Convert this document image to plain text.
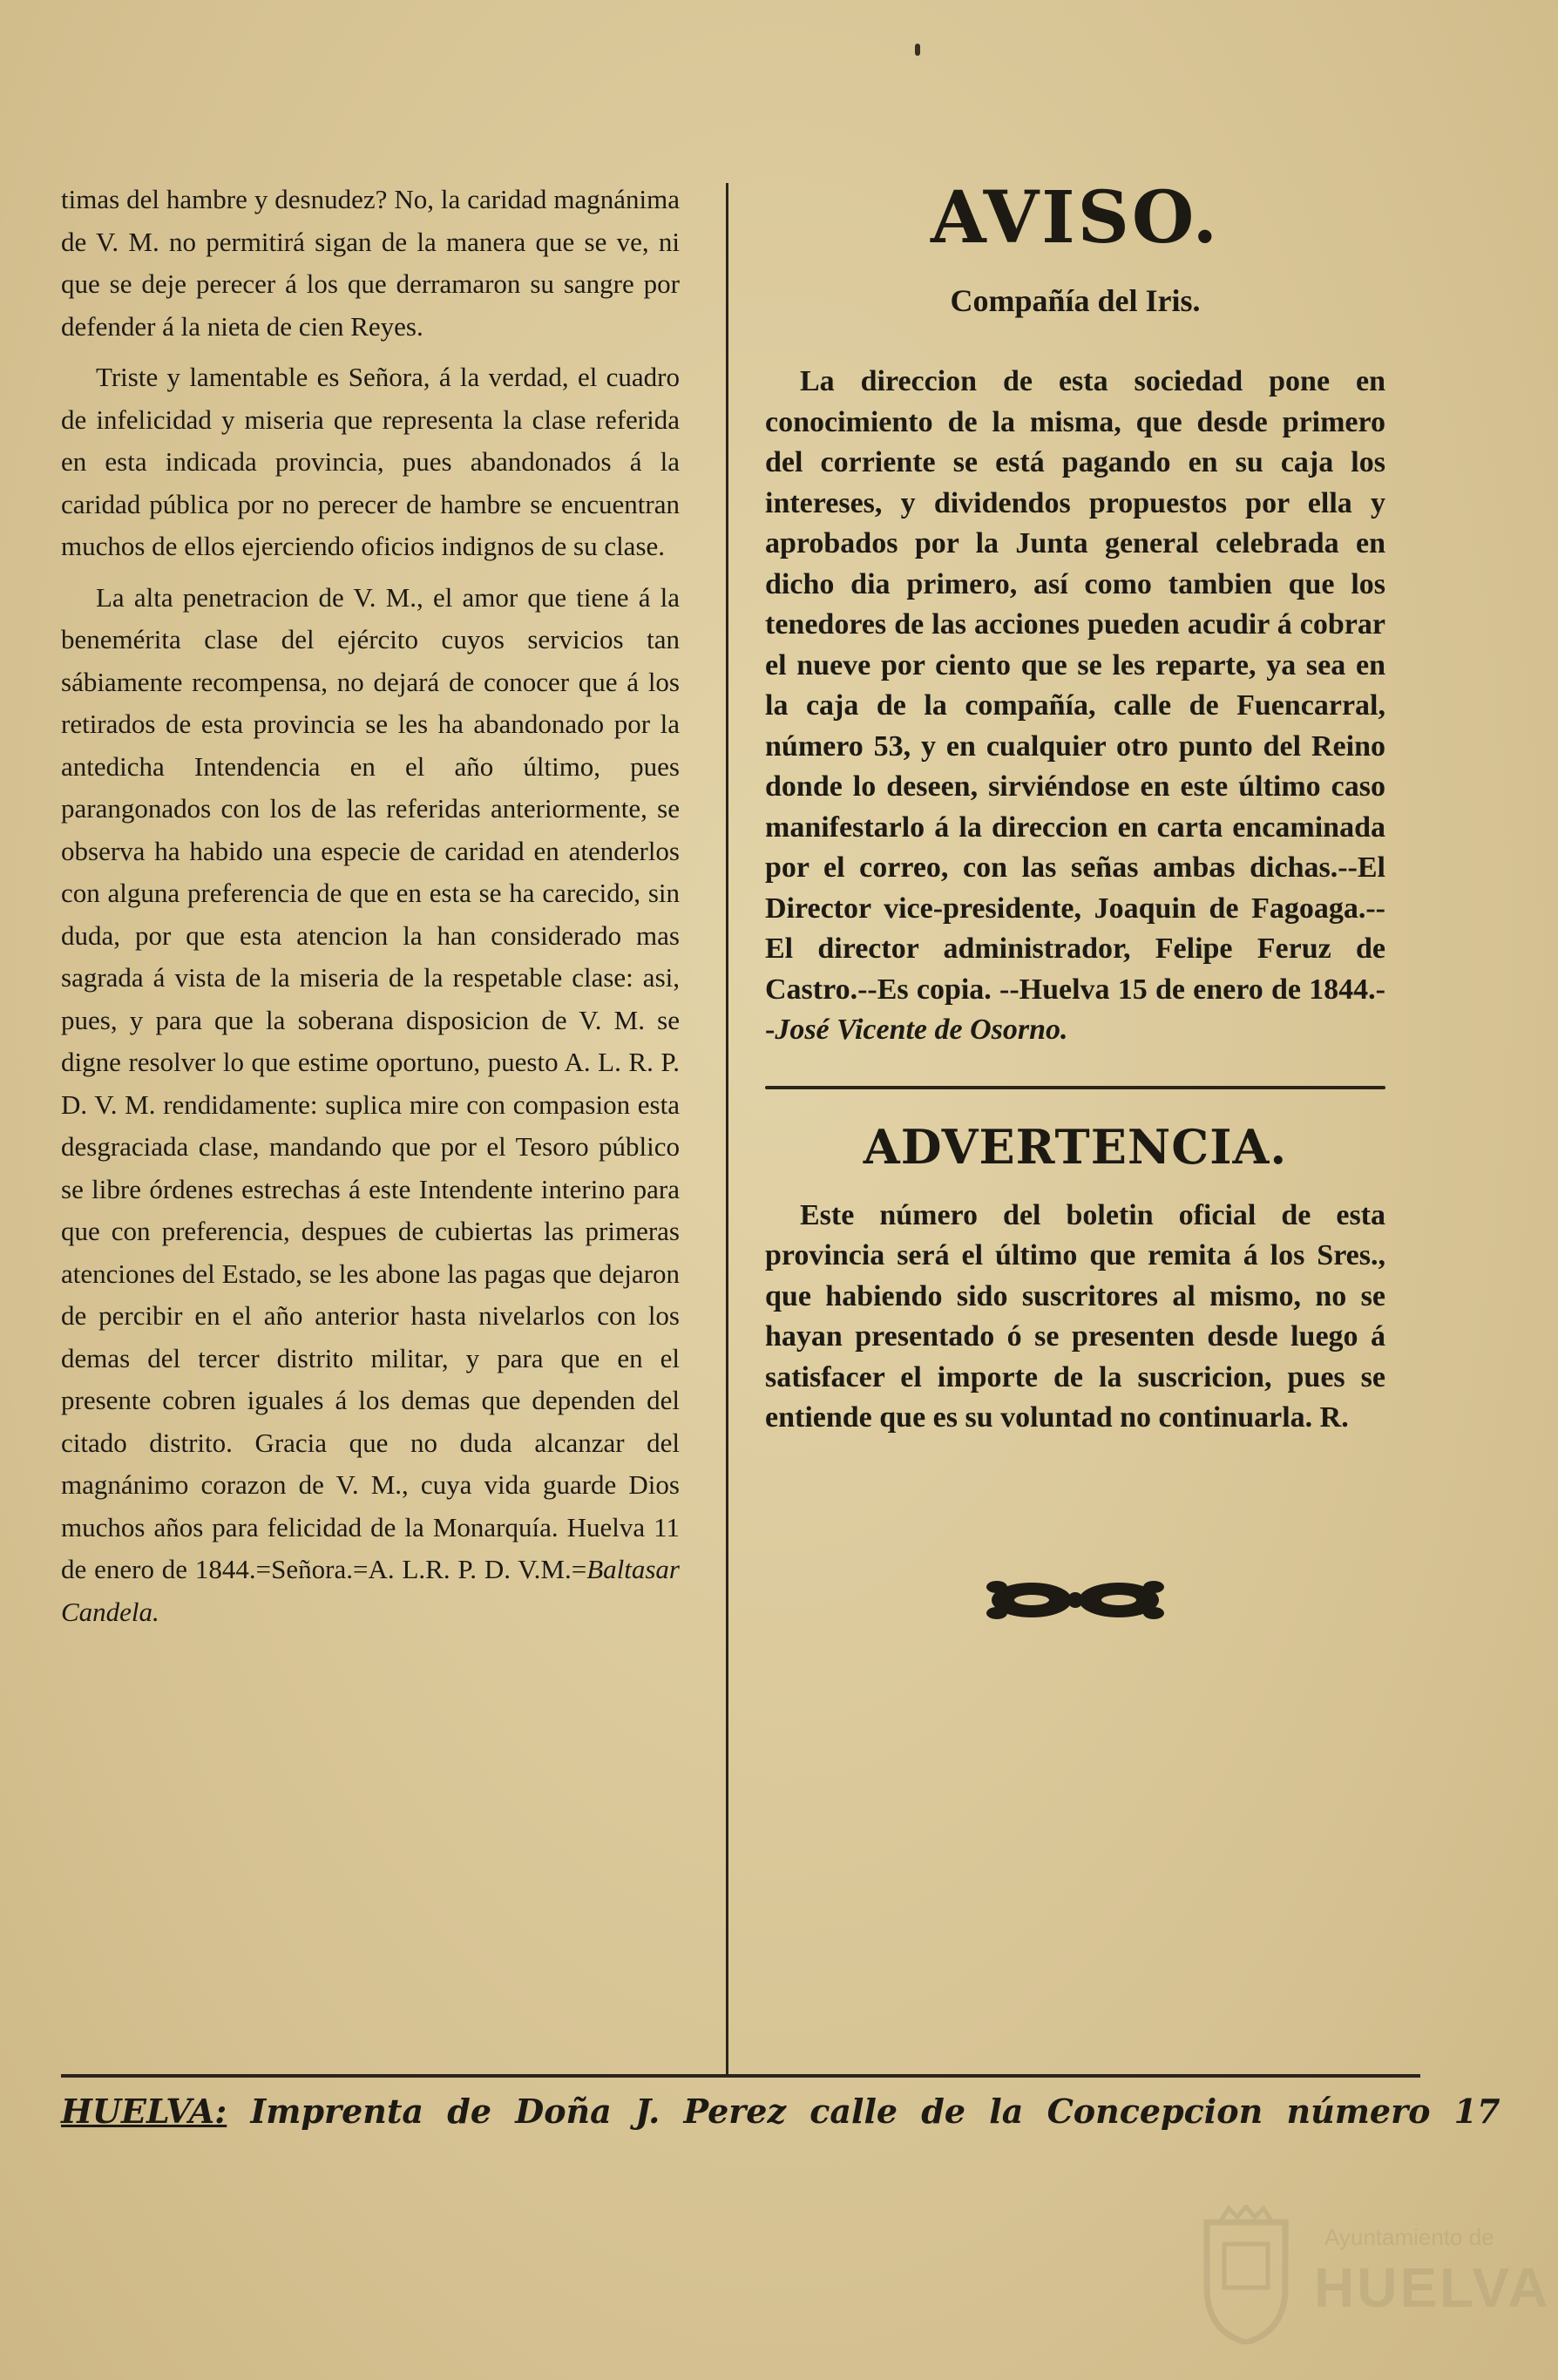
timas del hambre y desnudez? No, la caridad magnánima de V. M. no permitirá sigan de la manera que se ve, ni que se deje perecer á los que derramaron su sangre por defender á la nieta de cien Reyes.

Triste y lamentable es Señora, á la verdad, el cuadro de infelicidad y miseria que representa la clase referida en esta indicada provincia, pues abandonados á la caridad pública por no perecer de hambre se encuentran muchos de ellos ejerciendo oficios indignos de su clase.

La alta penetracion de V. M., el amor que tiene á la benemérita clase del ejército cuyos servicios tan sábiamente recompensa, no dejará de conocer que á los retirados de esta provincia se les ha abandonado por la antedicha Intendencia en el año último, pues parangonados con los de las referidas anteriormente, se observa ha habido una especie de caridad en atenderlos con alguna preferencia de que en esta se ha carecido, sin duda, por que esta atencion la han considerado mas sagrada á vista de la miseria de la respetable clase: asi, pues, y para que la soberana disposicion de V. M. se digne resolver lo que estime oportuno, puesto A. L. R. P. D. V. M. rendidamente: suplica mire con compasion esta desgraciada clase, mandando que por el Tesoro público se libre órdenes estrechas á este Intendente interino para que con preferencia, despues de cubiertas las primeras atenciones del Estado, se les abone las pagas que dejaron de percibir en el año anterior hasta nivelarlos con los demas del tercer distrito militar, y para que en el presente cobren iguales á los demas que dependen del citado distrito. Gracia que no duda alcanzar del magnánimo corazon de V. M., cuya vida guarde Dios muchos años para felicidad de la Monarquía. Huelva 11 de enero de 1844.=Señora.=A. L.R. P. D. V.M.=Baltasar Candela.

AVISO.
Compañía del Iris.

La direccion de esta sociedad pone en conocimiento de la misma, que desde primero del corriente se está pagando en su caja los intereses, y dividendos propuestos por ella y aprobados por la Junta general celebrada en dicho dia primero, así como tambien que los tenedores de las acciones pueden acudir á cobrar el nueve por ciento que se les reparte, ya sea en la caja de la compañía, calle de Fuencarral, número 53, y en cualquier otro punto del Reino donde lo deseen, sirviéndose en este último caso manifestarlo á la direccion en carta encaminada por el correo, con las señas ambas dichas.--El Director vice-presidente, Joaquin de Fagoaga.--El director administrador, Felipe Feruz de Castro.--Es copia. --Huelva 15 de enero de 1844.--José Vicente de Osorno.

ADVERTENCIA.

Este número del boletin oficial de esta provincia será el último que remita á los Sres., que habiendo sido suscritores al mismo, no se hayan presentado ó se presenten desde luego á satisfacer el importe de la suscricion, pues se entiende que es su voluntad no continuarla. R.

HUELVA: Imprenta de Doña J. Perez calle de la Concepcion número 17
Ayuntamiento de
HUELVA
